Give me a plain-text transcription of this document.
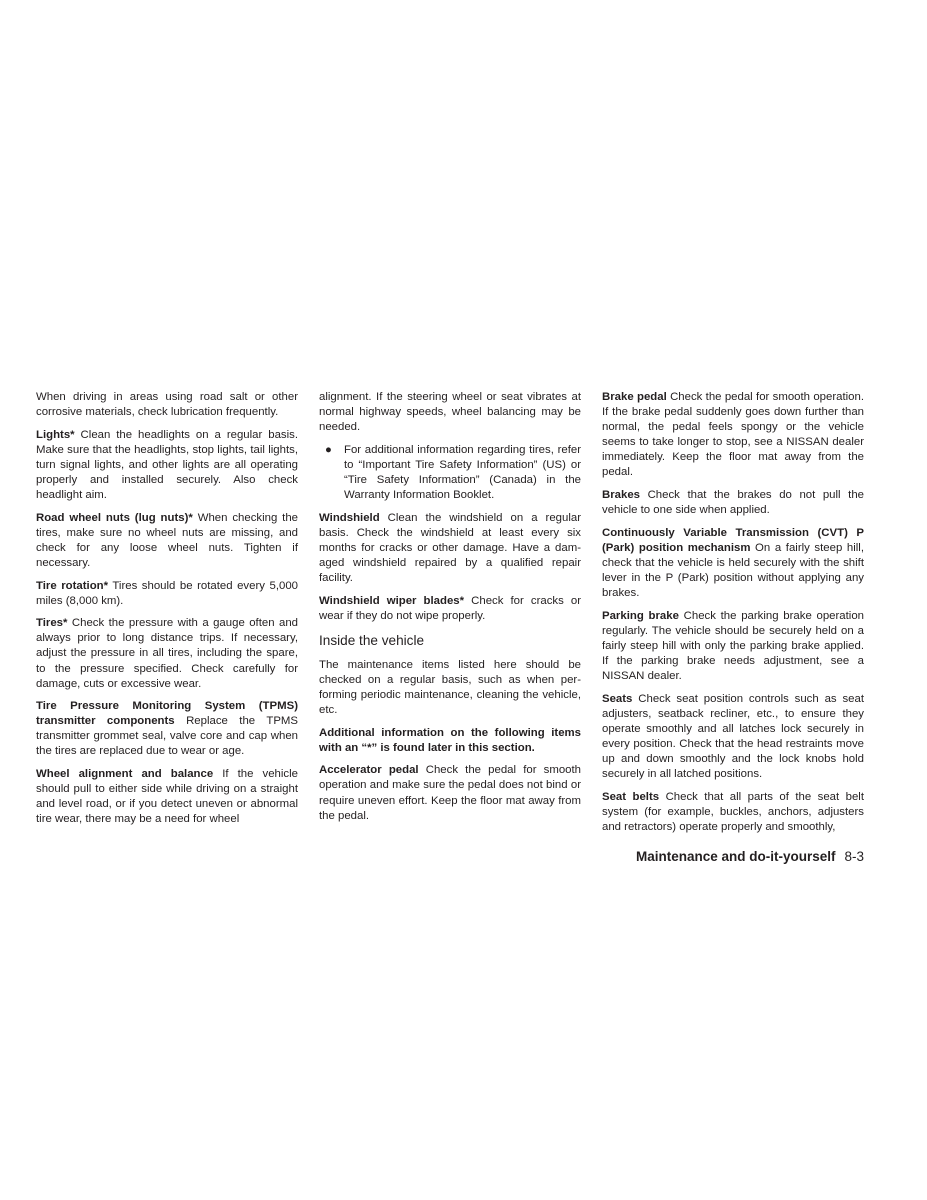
When driving in areas using road salt or other corrosive materials, check lubrication frequently.

Lights* Clean the headlights on a regular basis. Make sure that the headlights, stop lights, tail lights, turn signal lights, and other lights are all operating properly and installed securely. Also check headlight aim.

Road wheel nuts (lug nuts)* When checking the tires, make sure no wheel nuts are missing, and check for any loose wheel nuts. Tighten if necessary.

Tire rotation* Tires should be rotated every 5,000 miles (8,000 km).

Tires* Check the pressure with a gauge often and always prior to long distance trips. If necessary, adjust the pressure in all tires, including the spare, to the pressure specified. Check carefully for damage, cuts or excessive wear.

Tire Pressure Monitoring System (TPMS) transmitter components Replace the TPMS transmitter grommet seal, valve core and cap when the tires are replaced due to wear or age.

Wheel alignment and balance If the vehicle should pull to either side while driving on a straight and level road, or if you detect uneven or abnormal tire wear, there may be a need for wheel

alignment. If the steering wheel or seat vibrates at normal highway speeds, wheel balancing may be needed.

● For additional information regarding tires, refer to “Important Tire Safety Information” (US) or “Tire Safety Information” (Canada) in the Warranty Information Booklet.

Windshield Clean the windshield on a regular basis. Check the windshield at least every six months for cracks or other damage. Have a damaged windshield repaired by a qualified repair facility.

Windshield wiper blades* Check for cracks or wear if they do not wipe properly.

Inside the vehicle

The maintenance items listed here should be checked on a regular basis, such as when performing periodic maintenance, cleaning the vehicle, etc.

Additional information on the following items with an “*” is found later in this section.

Accelerator pedal Check the pedal for smooth operation and make sure the pedal does not bind or require uneven effort. Keep the floor mat away from the pedal.

Brake pedal Check the pedal for smooth operation. If the brake pedal suddenly goes down further than normal, the pedal feels spongy or the vehicle seems to take longer to stop, see a NISSAN dealer immediately. Keep the floor mat away from the pedal.

Brakes Check that the brakes do not pull the vehicle to one side when applied.

Continuously Variable Transmission (CVT) P (Park) position mechanism On a fairly steep hill, check that the vehicle is held securely with the shift lever in the P (Park) position without applying any brakes.

Parking brake Check the parking brake operation regularly. The vehicle should be securely held on a fairly steep hill with only the parking brake applied. If the parking brake needs adjustment, see a NISSAN dealer.

Seats Check seat position controls such as seat adjusters, seatback recliner, etc., to ensure they operate smoothly and all latches lock securely in every position. Check that the head restraints move up and down smoothly and the lock knobs hold securely in all latched positions.

Seat belts Check that all parts of the seat belt system (for example, buckles, anchors, adjusters and retractors) operate properly and smoothly,

Maintenance and do-it-yourself 8-3
